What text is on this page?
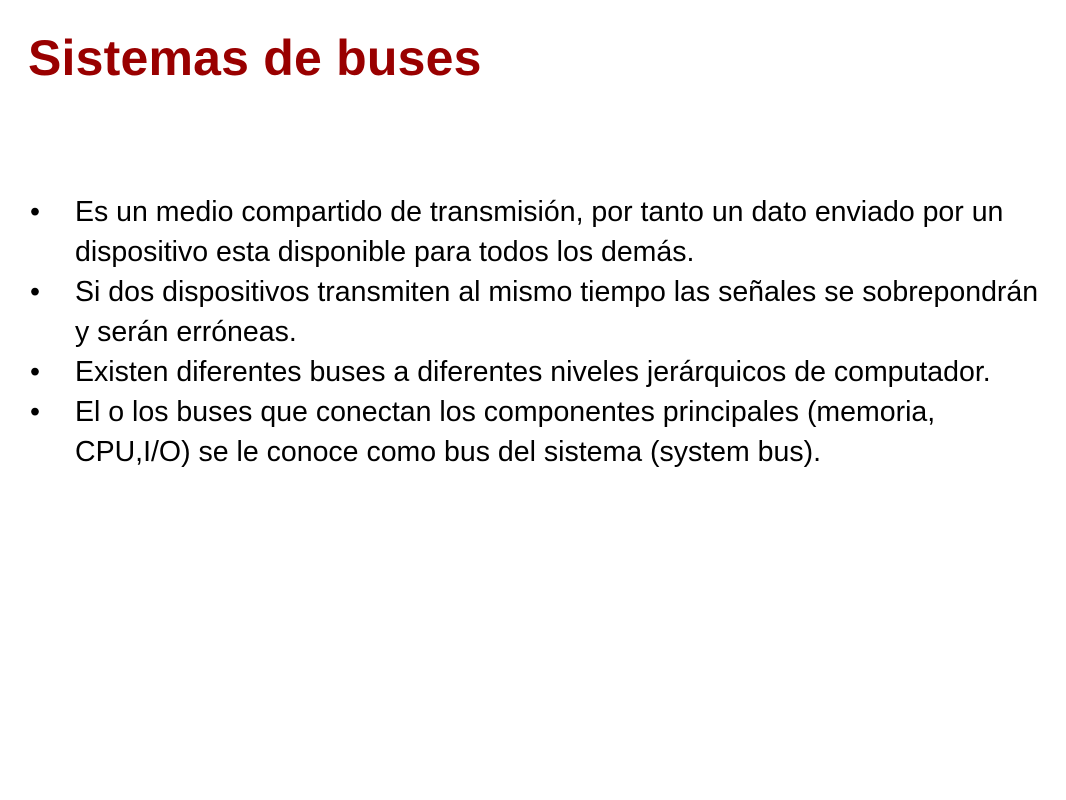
Sistemas de buses
•	Es un medio compartido de transmisión, por tanto un dato enviado por un dispositivo esta disponible para todos los demás.
•	Si dos dispositivos transmiten al mismo tiempo las señales se sobrepondrán y serán erróneas.
•	Existen diferentes buses a diferentes niveles jerárquicos de computador.
•	El o los buses que conectan los componentes principales (memoria, CPU,I/O) se le conoce como bus del sistema (system bus).
